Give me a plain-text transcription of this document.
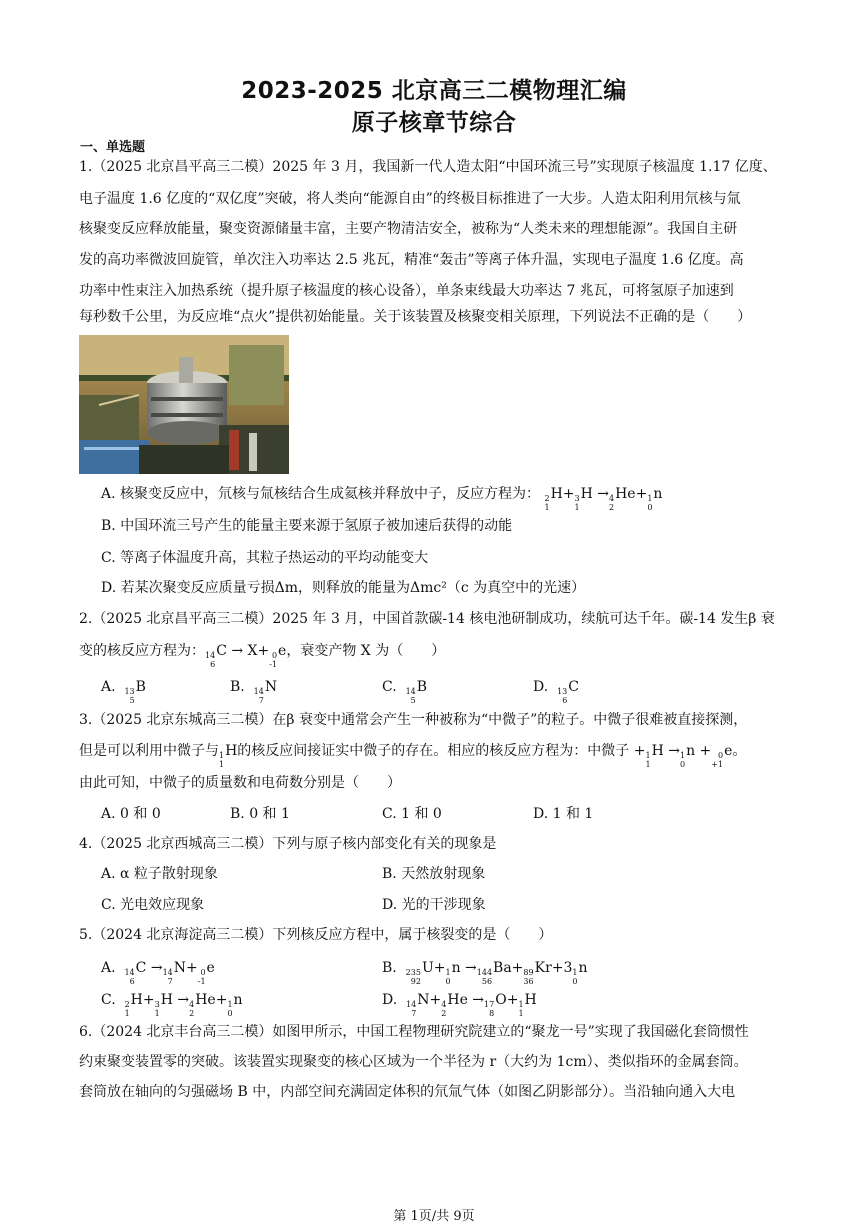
2023-2025 北京高三二模物理汇编
原子核章节综合
一、单选题
1.（2025 北京昌平高三二模）2025 年 3 月，我国新一代人造太阳“中国环流三号”实现原子核温度 1.17 亿度、
电子温度 1.6 亿度的“双亿度”突破，将人类向“能源自由”的终极目标推进了一大步。人造太阳利用氘核与氚
核聚变反应释放能量，聚变资源储量丰富，主要产物清洁安全，被称为“人类未来的理想能源”。我国自主研
发的高功率微波回旋管，单次注入功率达 2.5 兆瓦，精准“轰击”等离子体升温，实现电子温度 1.6 亿度。高
功率中性束注入加热系统（提升原子核温度的核心设备），单条束线最大功率达 7 兆瓦，可将氢原子加速到
每秒数千公里，为反应堆“点火”提供初始能量。关于该装置及核聚变相关原理，下列说法不正确的是（　　）
A. 核聚变反应中，氘核与氚核结合生成氦核并释放中子，反应方程为： 2
1H+3
1H →4
2He+1
0n
B. 中国环流三号产生的能量主要来源于氢原子被加速后获得的动能
C. 等离子体温度升高，其粒子热运动的平均动能变大
D. 若某次聚变反应质量亏损Δm，则释放的能量为Δmc²（c 为真空中的光速）
2.（2025 北京昌平高三二模）2025 年 3 月，中国首款碳-14 核电池研制成功，续航可达千年。碳-14 发生β 衰
变的核反应方程为：14
6C → X+ 0
-1e，衰变产物 X 为（　　）
A. 13
5B	B. 14
7N	C. 14
5B	D. 13
6C
3.（2025 北京东城高三二模）在β 衰变中通常会产生一种被称为“中微子”的粒子。中微子很难被直接探测，
但是可以利用中微子与1
1H的核反应间接证实中微子的存在。相应的核反应方程为：中微子 +1
1H →1
0n + 0
+1e。
由此可知，中微子的质量数和电荷数分别是（　　）
A. 0 和 0	B. 0 和 1	C. 1 和 0	D. 1 和 1
4.（2025 北京西城高三二模）下列与原子核内部变化有关的现象是
A. α 粒子散射现象	B. 天然放射现象
C. 光电效应现象	D. 光的干涉现象
5.（2024 北京海淀高三二模）下列核反应方程中，属于核裂变的是（　　）
A. 14
6C →14
7N+ 0
-1e	B. 235
92U+1
0n →144
56Ba+89
36Kr+31
0n
C. 2
1H+3
1H →4
2He+1
0n	D. 14
7N+4
2He →17
8O+1
1H
6.（2024 北京丰台高三二模）如图甲所示，中国工程物理研究院建立的“聚龙一号”实现了我国磁化套筒惯性
约束聚变装置零的突破。该装置实现聚变的核心区域为一个半径为 r（大约为 1cm）、类似指环的金属套筒。
套筒放在轴向的匀强磁场 B 中，内部空间充满固定体积的氘氚气体（如图乙阴影部分）。当沿轴向通入大电
第 1页/共 9页
